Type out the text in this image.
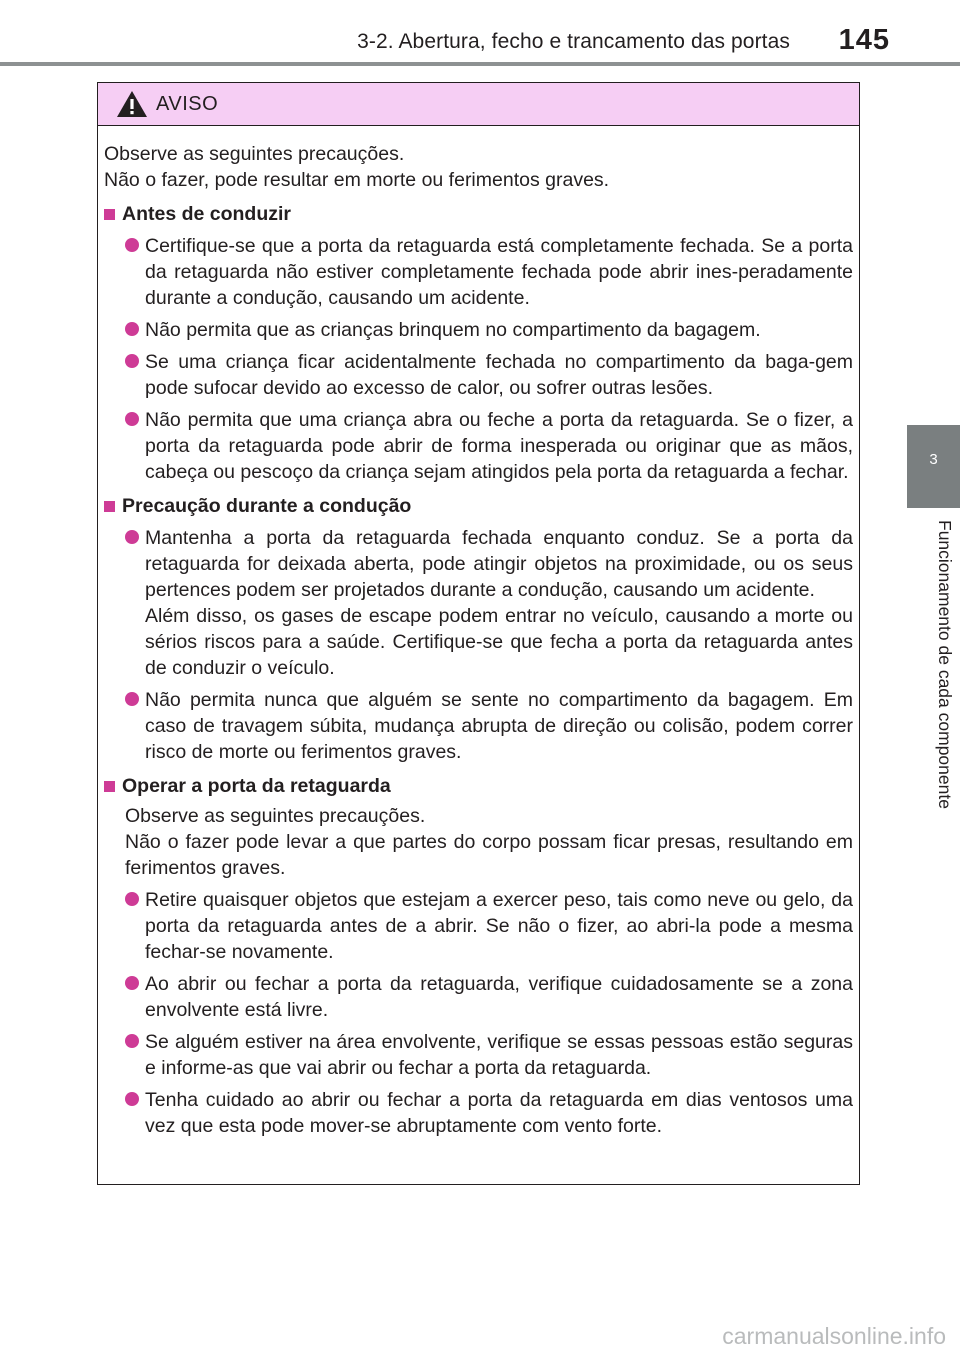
3-2. Abertura, fecho e trancamento das portas 145
3
Funcionamento de cada componente
AVISO
Observe as seguintes precauções.
Não o fazer, pode resultar em morte ou ferimentos graves.
Antes de conduzir
Certifique-se que a porta da retaguarda está completamente fechada. Se a porta da retaguarda não estiver completamente fechada pode abrir ines-peradamente durante a condução, causando um acidente.
Não permita que as crianças brinquem no compartimento da bagagem.
Se uma criança ficar acidentalmente fechada no compartimento da baga-gem pode sufocar devido ao excesso de calor, ou sofrer outras lesões.
Não permita que uma criança abra ou feche a porta da retaguarda. Se o fizer, a porta da retaguarda pode abrir de forma inesperada ou originar que as mãos, cabeça ou pescoço da criança sejam atingidos pela porta da retaguarda a fechar.
Precaução durante a condução
Mantenha a porta da retaguarda fechada enquanto conduz. Se a porta da retaguarda for deixada aberta, pode atingir objetos na proximidade, ou os seus pertences podem ser projetados durante a condução, causando um acidente.
Além disso, os gases de escape podem entrar no veículo, causando a morte ou sérios riscos para a saúde. Certifique-se que fecha a porta da retaguarda antes de conduzir o veículo.
Não permita nunca que alguém se sente no compartimento da bagagem. Em caso de travagem súbita, mudança abrupta de direção ou colisão, podem correr risco de morte ou ferimentos graves.
Operar a porta da retaguarda
Observe as seguintes precauções.
Não o fazer pode levar a que partes do corpo possam ficar presas, resultando em ferimentos graves.
Retire quaisquer objetos que estejam a exercer peso, tais como neve ou gelo, da porta da retaguarda antes de a abrir. Se não o fizer, ao abri-la pode a mesma fechar-se novamente.
Ao abrir ou fechar a porta da retaguarda, verifique cuidadosamente se a zona envolvente está livre.
Se alguém estiver na área envolvente, verifique se essas pessoas estão seguras e informe-as que vai abrir ou fechar a porta da retaguarda.
Tenha cuidado ao abrir ou fechar a porta da retaguarda em dias ventosos uma vez que esta pode mover-se abruptamente com vento forte.
carmanualsonline.info
